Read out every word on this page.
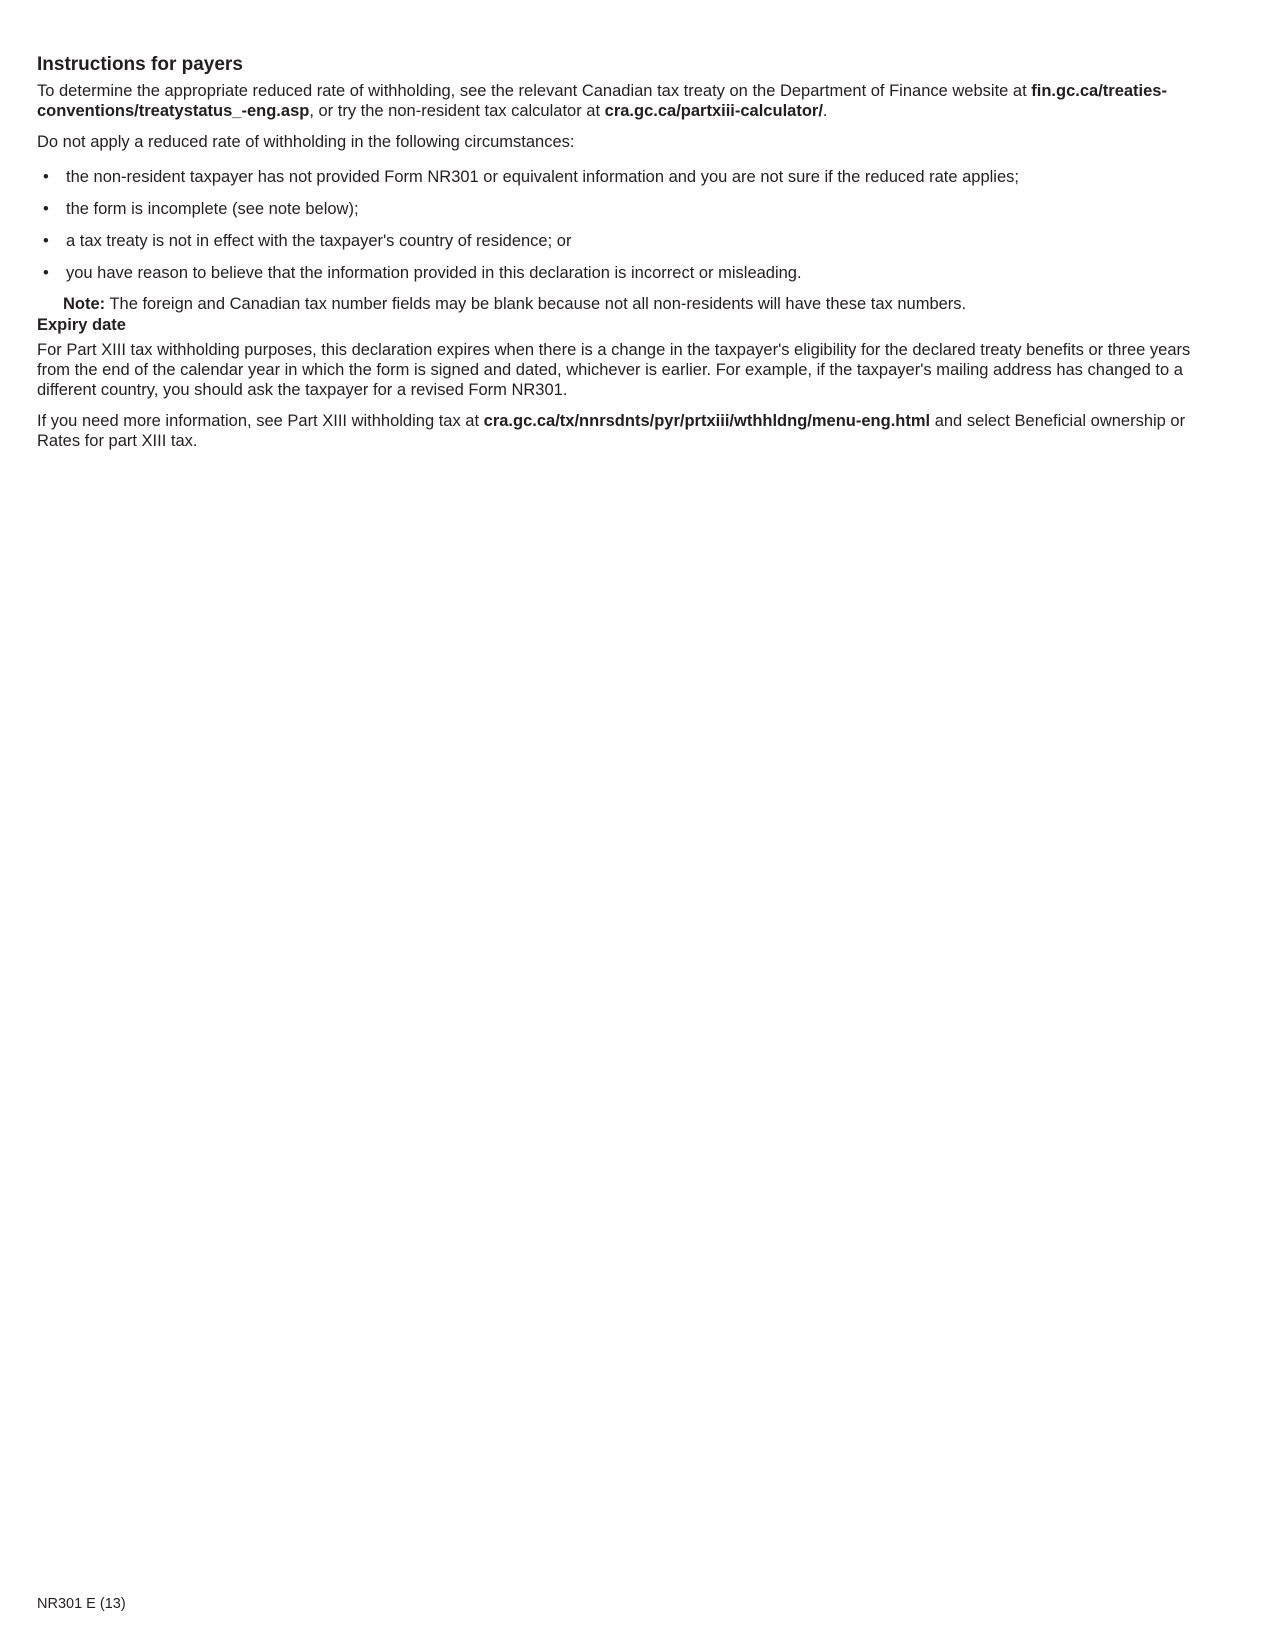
Instructions for payers

To determine the appropriate reduced rate of withholding, see the relevant Canadian tax treaty on the Department of Finance website at fin.gc.ca/treaties-conventions/treatystatus_-eng.asp, or try the non-resident tax calculator at cra.gc.ca/partxiii-calculator/.

Do not apply a reduced rate of withholding in the following circumstances:

• the non-resident taxpayer has not provided Form NR301 or equivalent information and you are not sure if the reduced rate applies;
• the form is incomplete (see note below);
• a tax treaty is not in effect with the taxpayer's country of residence; or
• you have reason to believe that the information provided in this declaration is incorrect or misleading.

Note: The foreign and Canadian tax number fields may be blank because not all non-residents will have these tax numbers.

Expiry date

For Part XIII tax withholding purposes, this declaration expires when there is a change in the taxpayer's eligibility for the declared treaty benefits or three years from the end of the calendar year in which the form is signed and dated, whichever is earlier. For example, if the taxpayer's mailing address has changed to a different country, you should ask the taxpayer for a revised Form NR301.

If you need more information, see Part XIII withholding tax at cra.gc.ca/tx/nnrsdnts/pyr/prtxiii/wthhldng/menu-eng.html and select Beneficial ownership or Rates for part XIII tax.

NR301 E (13)
